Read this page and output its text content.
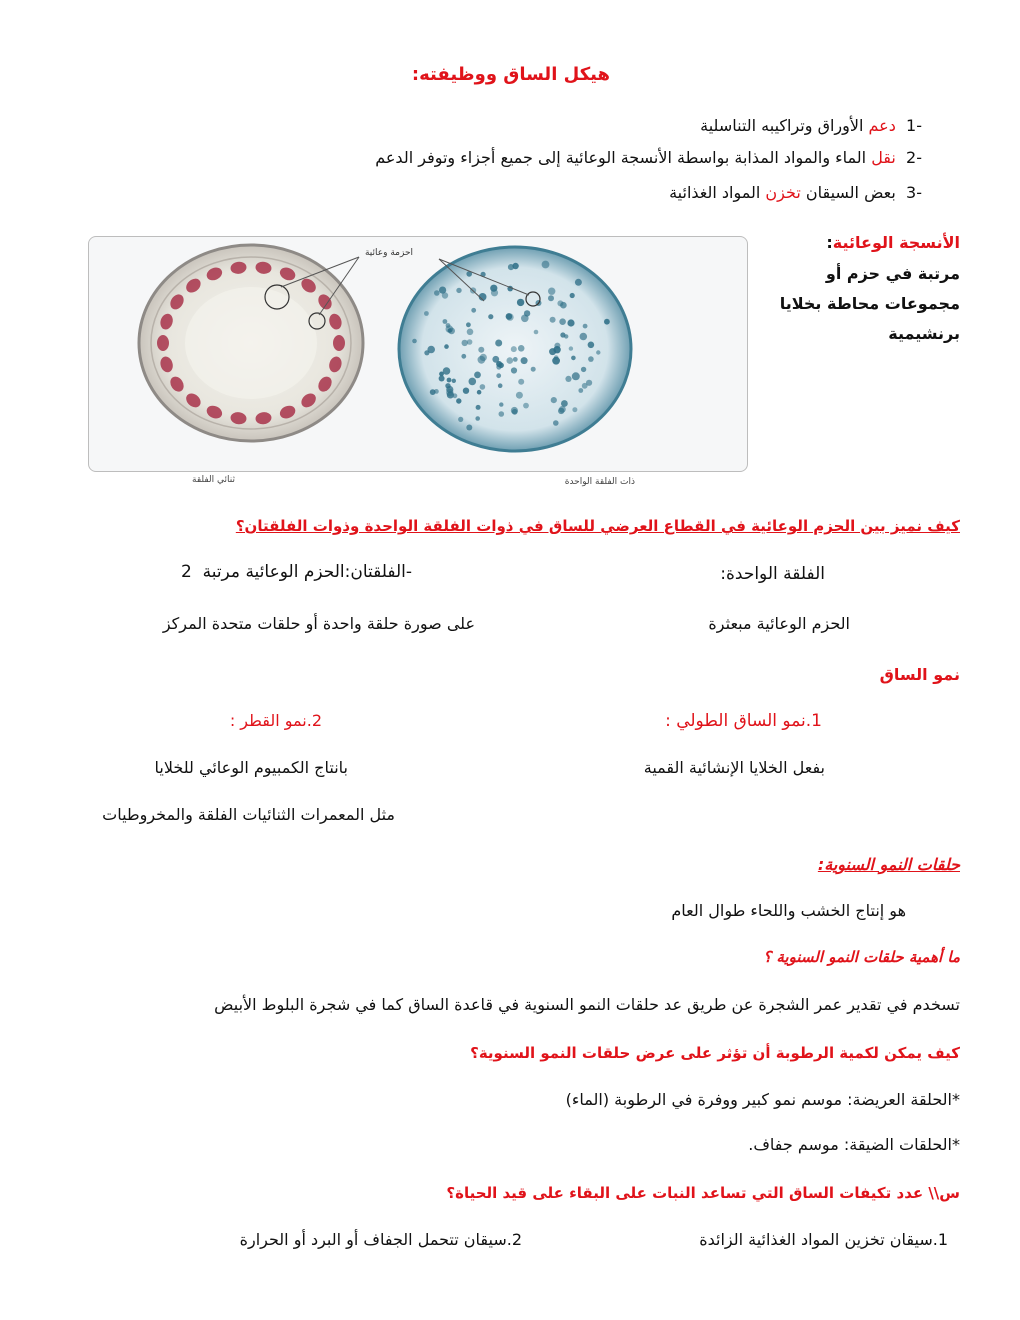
هيكل الساق ووظيفته:
-1  دعم الأوراق وتراكيبه التناسلية
-2  نقل الماء والمواد المذابة بواسطة الأنسجة الوعائية إلى جميع أجزاء وتوفر الدعم
-3  بعض السيقان تخزن المواد الغذائية
الأنسجة الوعائية:
مرتبة في حزم أو
مجموعات محاطة بخلايا
برنشيمية
احزمة وعائية
ثنائي الفلقة	ذات الفلقة الواحدة
كيف نميز بين الحزم الوعائية في القطاع العرضي للساق في ذوات الفلقة الواحدة وذوات الفلقتان؟
الفلقة الواحدة:
-الفلقتان:الحزم الوعائية مرتبة  2
الحزم الوعائية مبعثرة
على صورة حلقة واحدة أو حلقات متحدة المركز
نمو الساق
1.نمو الساق الطولي :
2.نمو القطر :
بفعل الخلايا الإنشائية القمية
بانتاج الكمبيوم الوعائي للخلايا
مثل المعمرات الثنائيات الفلقة والمخروطيات
حلقات النمو السنوية:
هو إنتاج الخشب واللحاء طوال العام
ما أهمية حلقات النمو السنوية ؟
تسخدم في تقدير عمر الشجرة عن طريق عد حلقات النمو السنوية في قاعدة الساق كما في شجرة البلوط الأبيض
كيف يمكن لكمية الرطوبة أن تؤثر على عرض حلقات النمو السنوية؟
*الحلقة العريضة: موسم نمو كبير ووفرة في الرطوبة (الماء)
*الحلقات الضيقة: موسم جفاف.
س\\ عدد تكيفات الساق التي تساعد النبات على البقاء على قيد الحياة؟
1.سيقان تخزين المواد الغذائية الزائدة
2.سيقان تتحمل الجفاف أو البرد أو الحرارة
